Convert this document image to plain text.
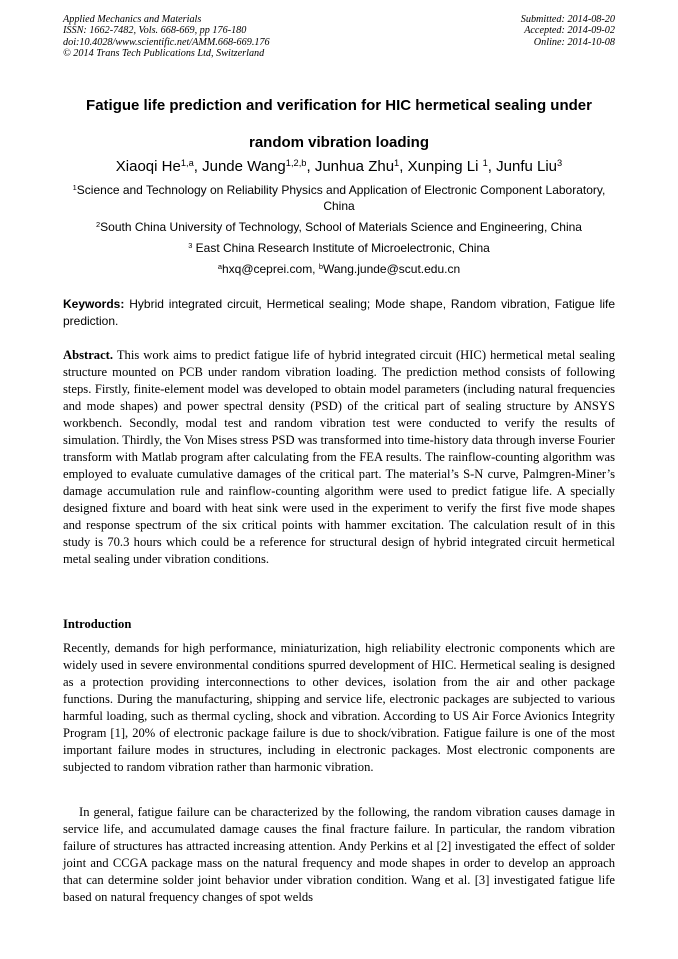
Applied Mechanics and Materials
ISSN: 1662-7482, Vols. 668-669, pp 176-180
doi:10.4028/www.scientific.net/AMM.668-669.176
© 2014 Trans Tech Publications Ltd, Switzerland
Submitted: 2014-08-20
Accepted: 2014-09-02
Online: 2014-10-08
Fatigue life prediction and verification for HIC hermetical sealing under
random vibration loading
Xiaoqi He$^{1,a}$, Junde Wang$^{1,2,b}$, Junhua Zhu$^1$, Xunping Li $^1$, Junfu Liu$^3$
$^1$Science and Technology on Reliability Physics and Application of Electronic Component Laboratory, China
$^2$South China University of Technology, School of Materials Science and Engineering, China
$^3$ East China Research Institute of Microelectronic, China
$^a$hxq@ceprei.com, $^b$Wang.junde@scut.edu.cn
Keywords: Hybrid integrated circuit, Hermetical sealing; Mode shape, Random vibration, Fatigue life prediction.
Abstract. This work aims to predict fatigue life of hybrid integrated circuit (HIC) hermetical metal sealing structure mounted on PCB under random vibration loading. The prediction method consists of following steps. Firstly, finite-element model was developed to obtain model parameters (including natural frequencies and mode shapes) and power spectral density (PSD) of the critical part of sealing structure by ANSYS workbench. Secondly, modal test and random vibration test were conducted to verify the results of simulation. Thirdly, the Von Mises stress PSD was transformed into time-history data through inverse Fourier transform with Matlab program after calculating from the FEA results. The rainflow-counting algorithm was employed to evaluate cumulative damages of the critical part. The material’s S-N curve, Palmgren-Miner’s damage accumulation rule and rainflow-counting algorithm were used to predict fatigue life. A specially designed fixture and board with heat sink were used in the experiment to verify the first five mode shapes and response spectrum of the six critical points with hammer excitation. The calculation result of in this study is 70.3 hours which could be a reference for structural design of hybrid integrated circuit hermetical metal sealing under vibration conditions.
Introduction
Recently, demands for high performance, miniaturization, high reliability electronic components which are widely used in severe environmental conditions spurred development of HIC. Hermetical sealing is designed as a protection providing interconnections to other devices, isolation from the air and other package functions. During the manufacturing, shipping and service life, electronic packages are subjected to various harmful loading, such as thermal cycling, shock and vibration. According to US Air Force Avionics Integrity Program [1], 20% of electronic package failure is due to shock/vibration. Fatigue failure is one of the most important failure modes in structures, including in electronic packages. Most electronic components are subjected to random vibration rather than harmonic vibration.
In general, fatigue failure can be characterized by the following, the random vibration causes damage in service life, and accumulated damage causes the final fracture failure. In particular, the random vibration failure of structures has attracted increasing attention. Andy Perkins et al [2] investigated the effect of solder joint and CCGA package mass on the natural frequency and mode shapes in order to develop an approach that can determine solder joint behavior under vibration condition. Wang et al. [3] investigated fatigue life based on natural frequency changes of spot welds
